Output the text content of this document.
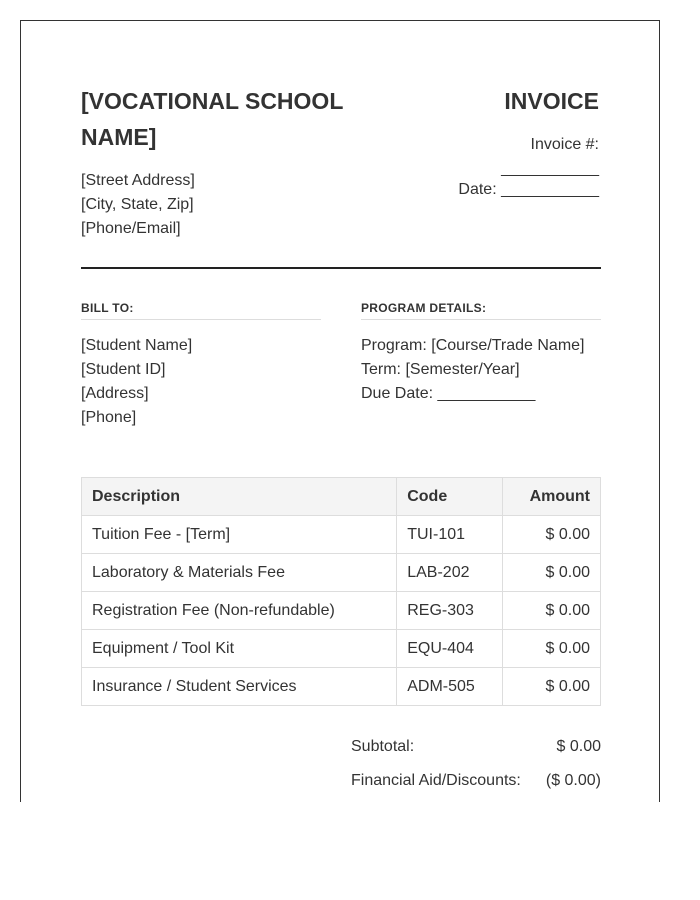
[VOCATIONAL SCHOOL NAME]
[Street Address]
[City, State, Zip]
[Phone/Email]
INVOICE
Invoice #:
___________
Date: ___________
BILL TO:	PROGRAM DETAILS:
[Student Name]
[Student ID]
[Address]
[Phone]
Program: [Course/Trade Name]
Term: [Semester/Year]
Due Date: ___________
Description	Code	Amount
Tuition Fee - [Term]	TUI-101	$ 0.00
Laboratory & Materials Fee	LAB-202	$ 0.00
Registration Fee (Non-refundable)	REG-303	$ 0.00
Equipment / Tool Kit	EQU-404	$ 0.00
Insurance / Student Services	ADM-505	$ 0.00
Subtotal:	$ 0.00
Financial Aid/Discounts: ($ 0.00)
